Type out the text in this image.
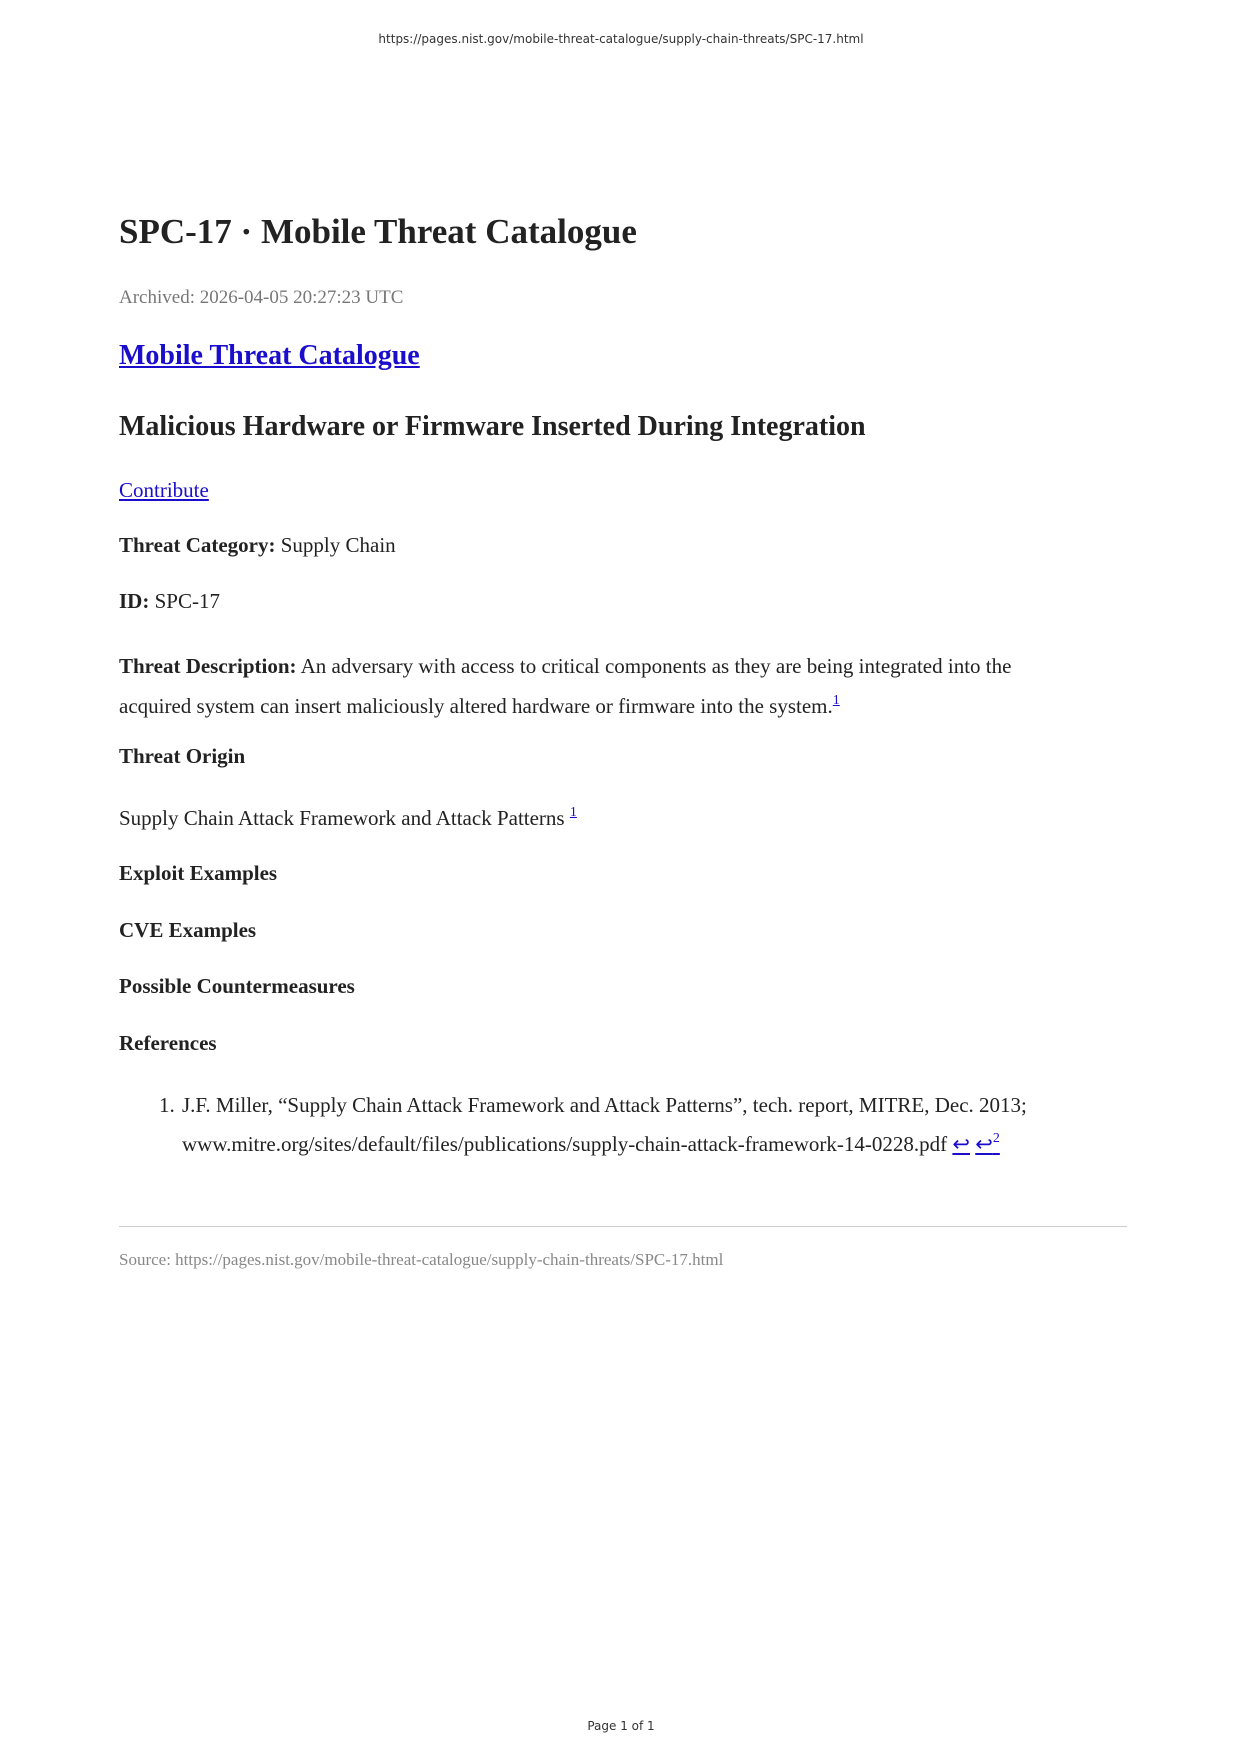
https://pages.nist.gov/mobile-threat-catalogue/supply-chain-threats/SPC-17.html
SPC-17 · Mobile Threat Catalogue
Archived: 2026-04-05 20:27:23 UTC
Mobile Threat Catalogue
Malicious Hardware or Firmware Inserted During Integration
Contribute
Threat Category: Supply Chain
ID: SPC-17
Threat Description: An adversary with access to critical components as they are being integrated into the acquired system can insert maliciously altered hardware or firmware into the system.$^1$
Threat Origin
Supply Chain Attack Framework and Attack Patterns $^1$
Exploit Examples
CVE Examples
Possible Countermeasures
References
1. J.F. Miller, “Supply Chain Attack Framework and Attack Patterns”, tech. report, MITRE, Dec. 2013; www.mitre.org/sites/default/files/publications/supply-chain-attack-framework-14-0228.pdf ↩ ↩$^2$
Source: https://pages.nist.gov/mobile-threat-catalogue/supply-chain-threats/SPC-17.html
Page 1 of 1
